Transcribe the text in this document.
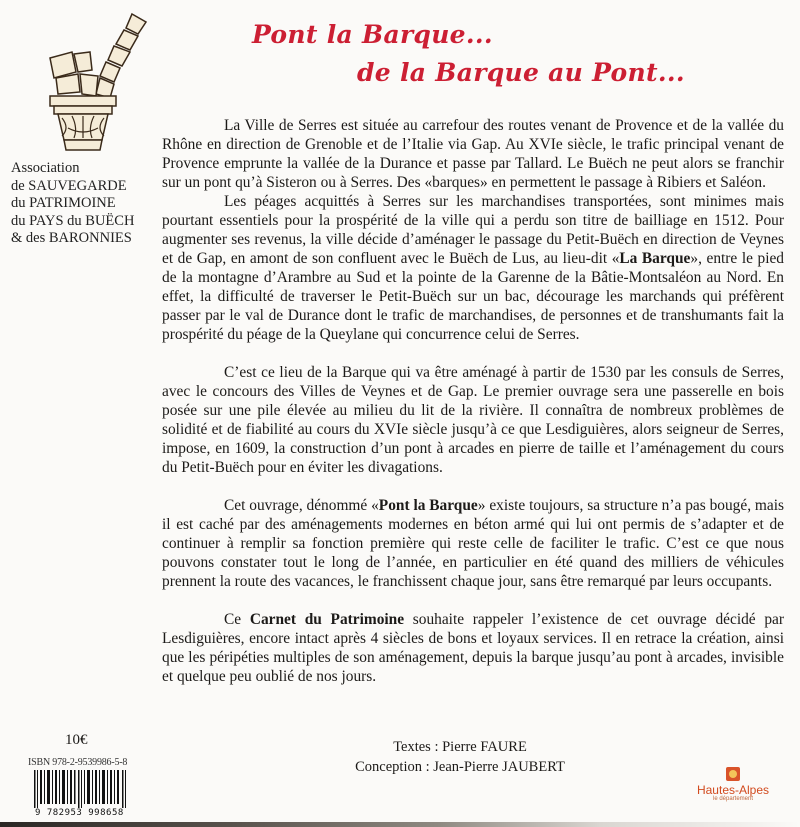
Pont la Barque...
de la Barque au Pont...
Association
de SAUVEGARDE
du PATRIMOINE
du PAYS du BUËCH
& des BARONNIES

La Ville de Serres est située au carrefour des routes venant de Provence et de la vallée du Rhône en direction de Grenoble et de l’Italie via Gap. Au XVIe siècle, le trafic principal venant de Provence emprunte la vallée de la Durance et passe par Tallard. Le Buëch ne peut alors se franchir sur un pont qu’à Sisteron ou à Serres. Des «barques» en permettent le passage à Ribiers et Saléon.

Les péages acquittés à Serres sur les marchandises transportées, sont minimes mais pourtant essentiels pour la prospérité de la ville qui a perdu son titre de bailliage en 1512. Pour augmenter ses revenus, la ville décide d’aménager le passage du Petit-Buëch en direction de Veynes et de Gap, en amont de son confluent avec le Buëch de Lus, au lieu-dit «La Barque», entre le pied de la montagne d’Arambre au Sud et la pointe de la Garenne de la Bâtie-Montsaléon au Nord. En effet, la difficulté de traverser le Petit-Buëch sur un bac, décourage les marchands qui préfèrent passer par le val de Durance dont le trafic de marchandises, de personnes et de transhumants fait la prospérité du péage de la Queylane qui concurrence celui de Serres.

C’est ce lieu de la Barque qui va être aménagé à partir de 1530 par les consuls de Serres, avec le concours des Villes de Veynes et de Gap. Le premier ouvrage sera une passerelle en bois posée sur une pile élevée au milieu du lit de la rivière. Il connaîtra de nombreux problèmes de solidité et de fiabilité au cours du XVIe siècle jusqu’à ce que Lesdiguières, alors seigneur de Serres, impose, en 1609, la construction d’un pont à arcades en pierre de taille et l’aménagement du cours du Petit-Buëch pour en éviter les divagations.

Cet ouvrage, dénommé «Pont la Barque» existe toujours, sa structure n’a pas bougé, mais il est caché par des aménagements modernes en béton armé qui lui ont permis de s’adapter et de continuer à remplir sa fonction première qui reste celle de faciliter le trafic. C’est ce que nous pouvons constater tout le long de l’année, en particulier en été quand des milliers de véhicules prennent la route des vacances, le franchissent chaque jour, sans être remarqué par leurs occupants.

Ce Carnet du Patrimoine souhaite rappeler l’existence de cet ouvrage décidé par Lesdiguières, encore intact après 4 siècles de bons et loyaux services. Il en retrace la création, ainsi que les péripéties multiples de son aménagement, depuis la barque jusqu’au pont à arcades, invisible et quelque peu oublié de nos jours.

Textes : Pierre FAURE
Conception : Jean-Pierre JAUBERT
10€
ISBN 978-2-9539986-5-8
9 782953 998658
Hautes-Alpes
le département
